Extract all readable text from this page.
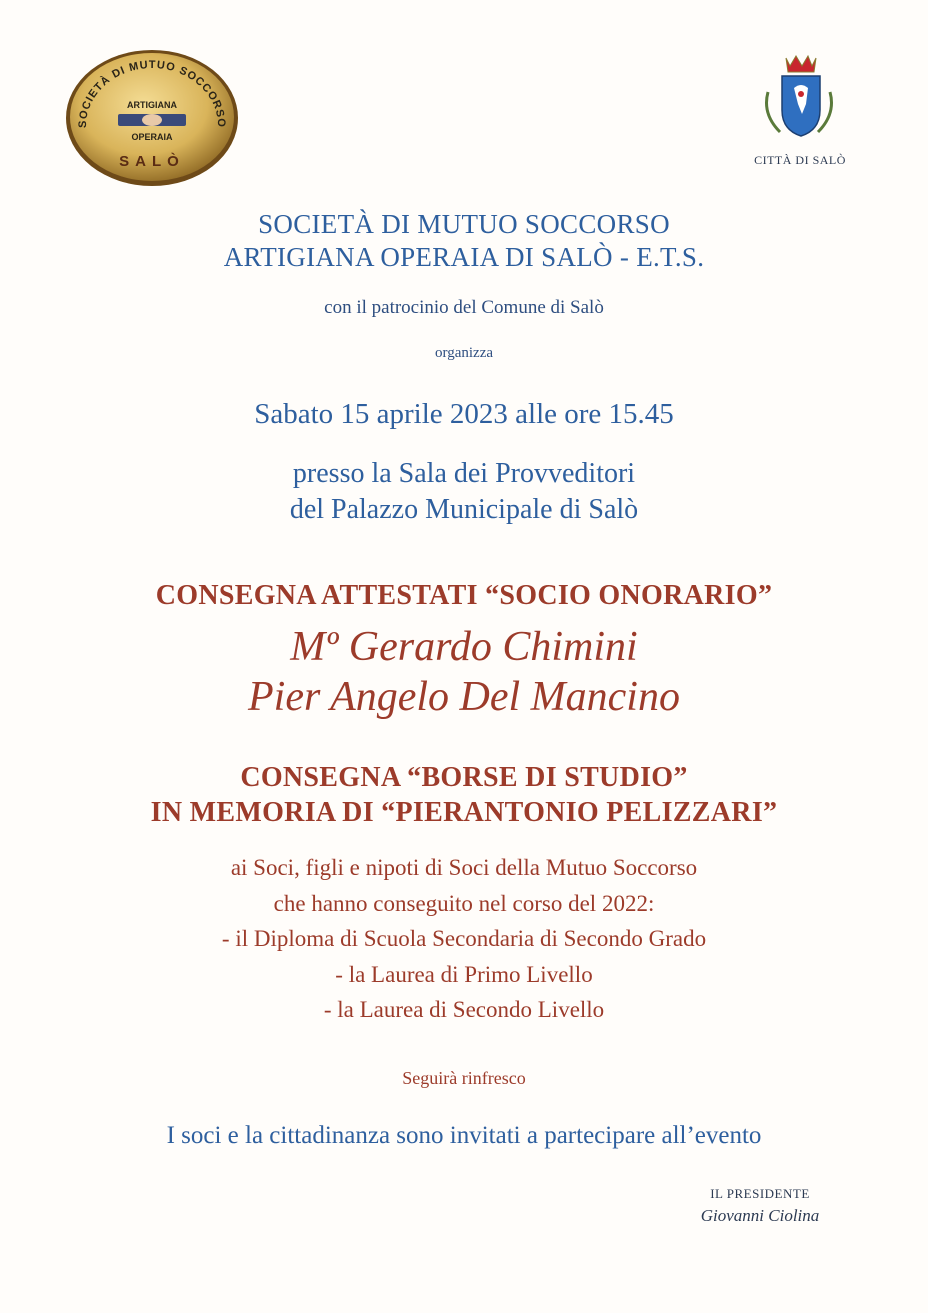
SOCIETÀ DI MUTUO SOCCORSO
ARTIGIANA
OPERAIA
SALÒ	CITTÀ DI SALÒ
SOCIETÀ DI MUTUO SOCCORSO
ARTIGIANA OPERAIA DI SALÒ - E.T.S.
con il patrocinio del Comune di Salò
organizza
Sabato 15 aprile 2023 alle ore 15.45
presso la Sala dei Provveditori
del Palazzo Municipale di Salò
CONSEGNA ATTESTATI “SOCIO ONORARIO”
Mº Gerardo Chimini
Pier Angelo Del Mancino
CONSEGNA “BORSE DI STUDIO”
IN MEMORIA DI “PIERANTONIO PELIZZARI”
ai Soci, figli e nipoti di Soci della Mutuo Soccorso
che hanno conseguito nel corso del 2022:
- il Diploma di Scuola Secondaria di Secondo Grado
- la Laurea di Primo Livello
- la Laurea di Secondo Livello
Seguirà rinfresco
I soci e la cittadinanza sono invitati a partecipare all’evento
IL PRESIDENTE
Giovanni Ciolina
